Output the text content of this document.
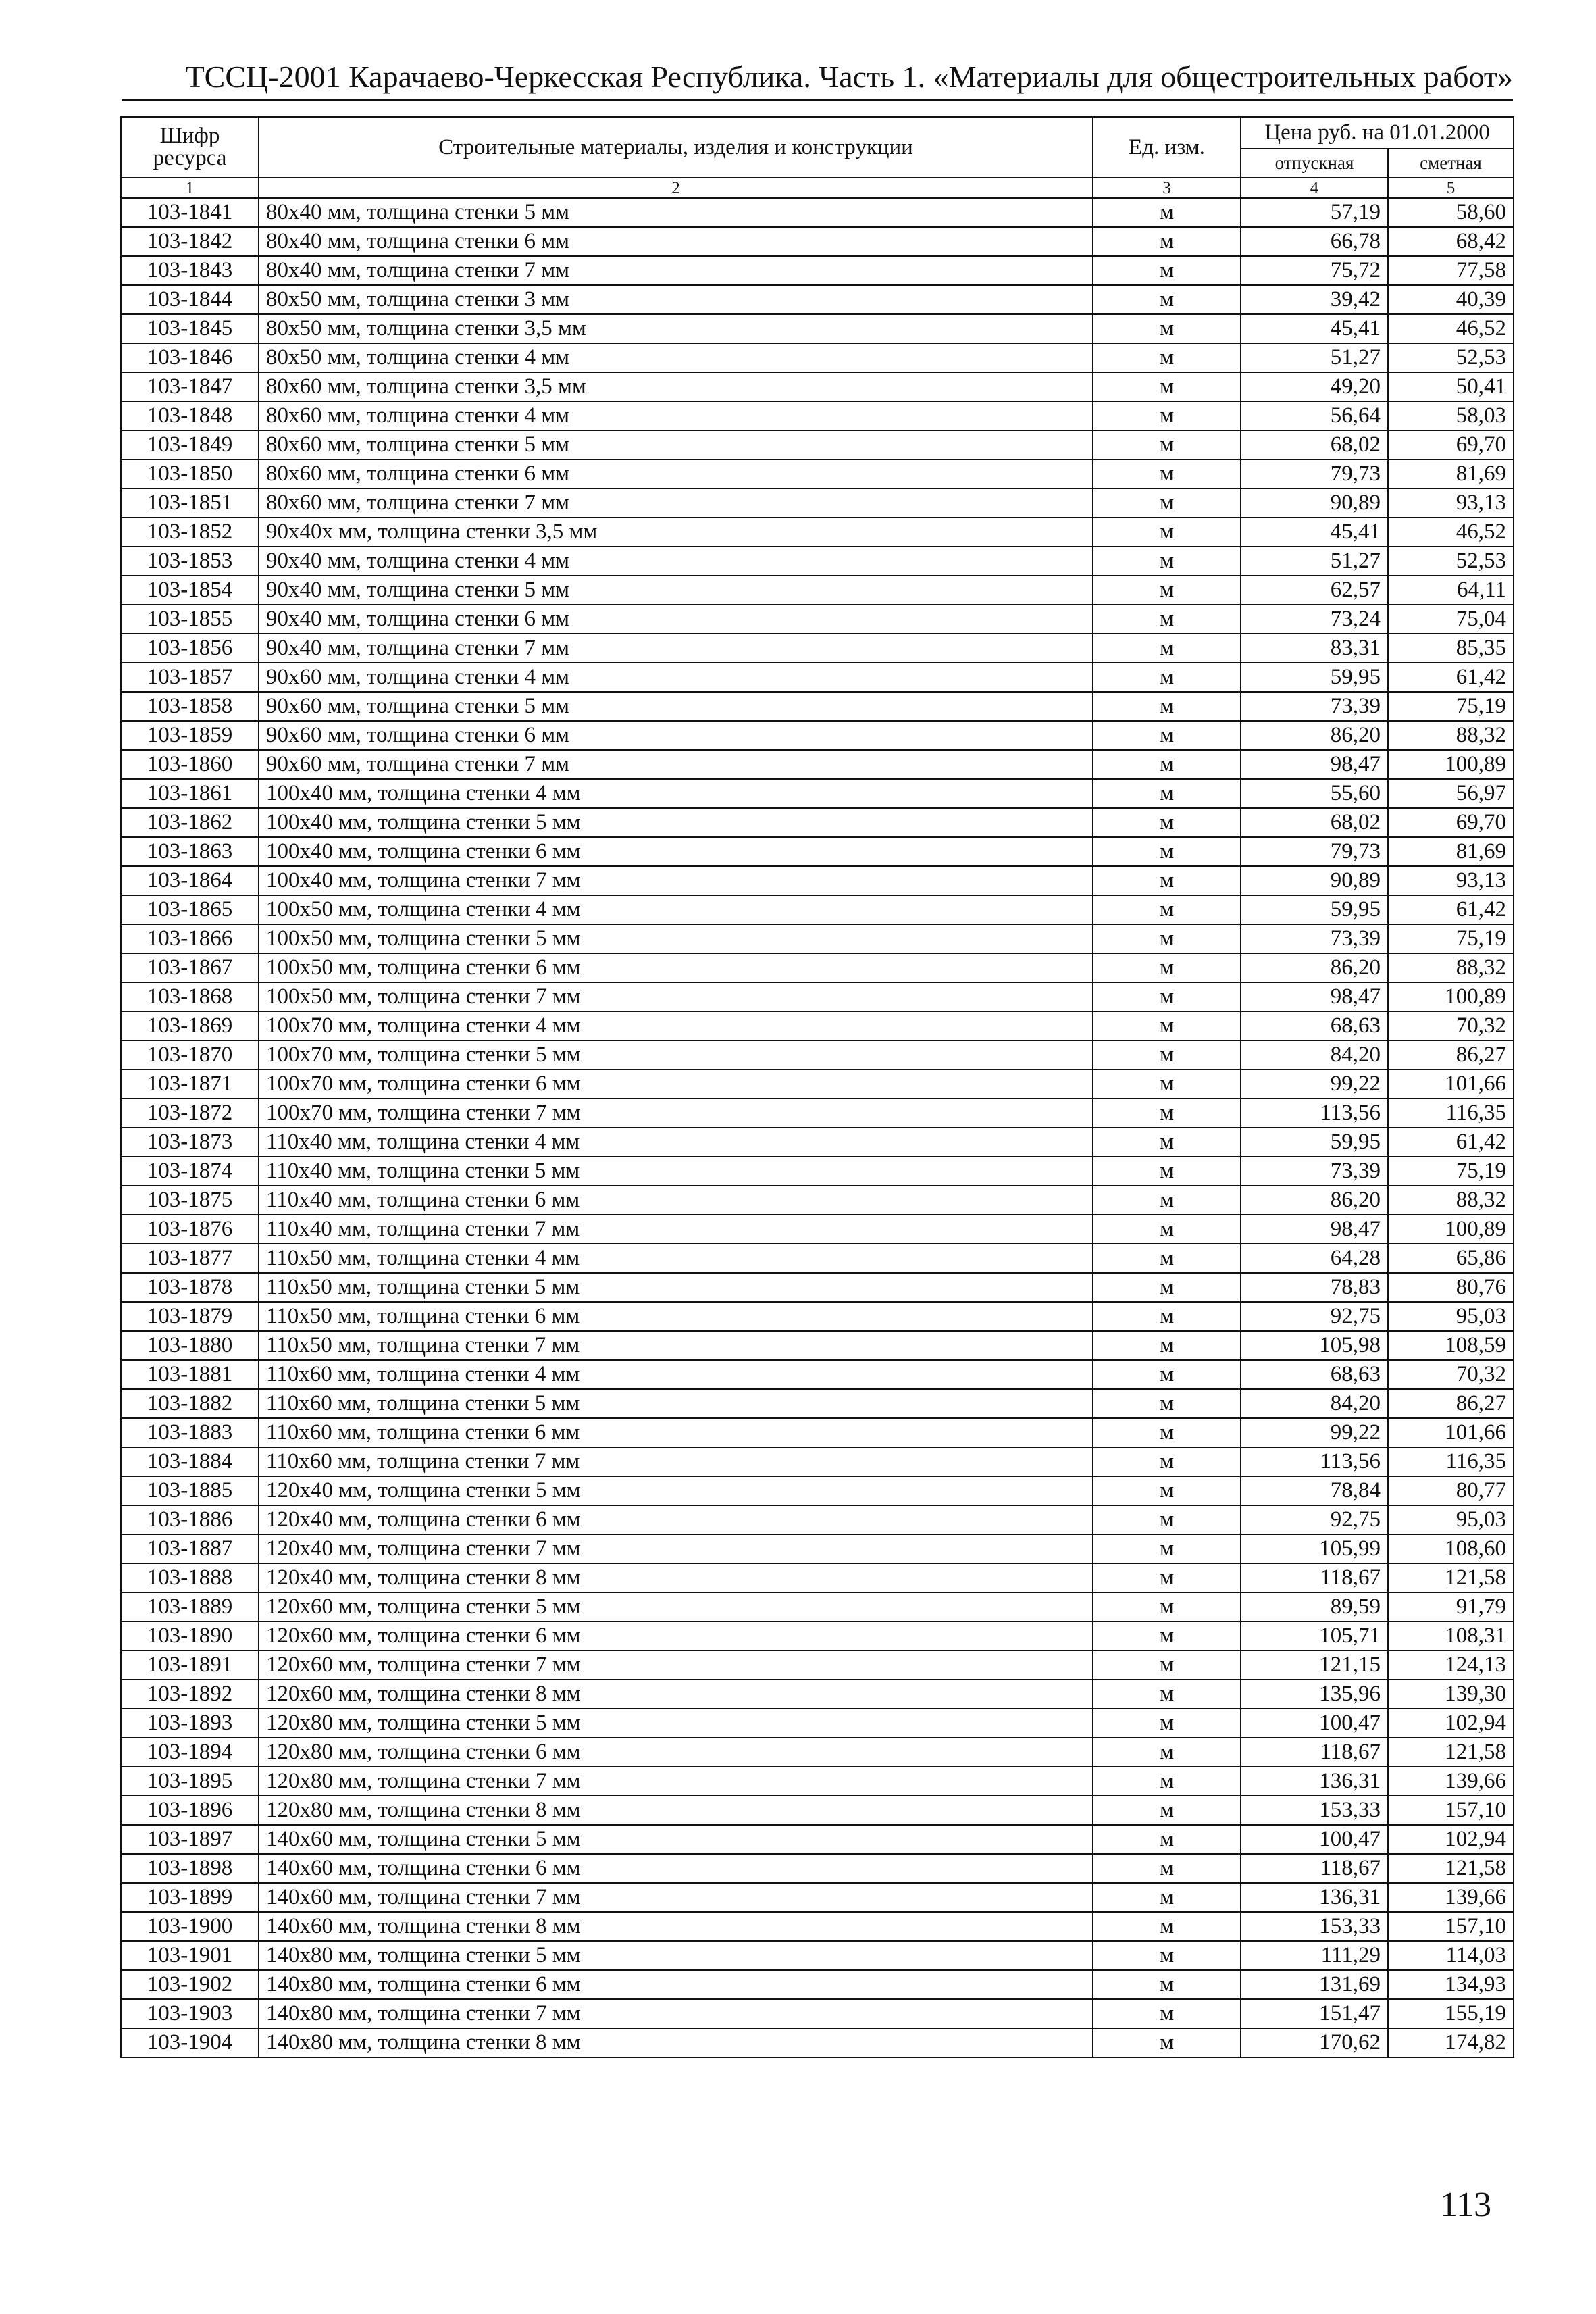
ТССЦ-2001 Карачаево-Черкесская Республика. Часть 1. «Материалы для общестроительных работ»
Шифр ресурса	Строительные материалы, изделия и конструкции	Ед. изм.	Цена руб. на 01.01.2000	
			отпускная	сметная
1	2	3	4	5
103-1841	80x40 мм, толщина стенки 5 мм	м	57,19	58,60
103-1842	80x40 мм, толщина стенки 6 мм	м	66,78	68,42
103-1843	80x40 мм, толщина стенки 7 мм	м	75,72	77,58
103-1844	80x50 мм, толщина стенки 3 мм	м	39,42	40,39
103-1845	80x50 мм, толщина стенки 3,5 мм	м	45,41	46,52
103-1846	80x50 мм, толщина стенки 4 мм	м	51,27	52,53
103-1847	80x60 мм, толщина стенки 3,5 мм	м	49,20	50,41
103-1848	80x60 мм, толщина стенки 4 мм	м	56,64	58,03
103-1849	80x60 мм, толщина стенки 5 мм	м	68,02	69,70
103-1850	80x60 мм, толщина стенки 6 мм	м	79,73	81,69
103-1851	80x60 мм, толщина стенки 7 мм	м	90,89	93,13
103-1852	90x40x мм, толщина стенки 3,5 мм	м	45,41	46,52
103-1853	90x40 мм, толщина стенки 4 мм	м	51,27	52,53
103-1854	90x40 мм, толщина стенки 5 мм	м	62,57	64,11
103-1855	90x40 мм, толщина стенки 6 мм	м	73,24	75,04
103-1856	90x40 мм, толщина стенки 7 мм	м	83,31	85,35
103-1857	90x60 мм, толщина стенки 4 мм	м	59,95	61,42
103-1858	90x60 мм, толщина стенки 5 мм	м	73,39	75,19
103-1859	90x60 мм, толщина стенки 6 мм	м	86,20	88,32
103-1860	90x60 мм, толщина стенки 7 мм	м	98,47	100,89
103-1861	100x40 мм, толщина стенки 4 мм	м	55,60	56,97
103-1862	100x40 мм, толщина стенки 5 мм	м	68,02	69,70
103-1863	100x40 мм, толщина стенки 6 мм	м	79,73	81,69
103-1864	100x40 мм, толщина стенки 7 мм	м	90,89	93,13
103-1865	100x50 мм, толщина стенки 4 мм	м	59,95	61,42
103-1866	100x50 мм, толщина стенки 5 мм	м	73,39	75,19
103-1867	100x50 мм, толщина стенки 6 мм	м	86,20	88,32
103-1868	100x50 мм, толщина стенки 7 мм	м	98,47	100,89
103-1869	100x70 мм, толщина стенки 4 мм	м	68,63	70,32
103-1870	100x70 мм, толщина стенки 5 мм	м	84,20	86,27
103-1871	100x70 мм, толщина стенки 6 мм	м	99,22	101,66
103-1872	100x70 мм, толщина стенки 7 мм	м	113,56	116,35
103-1873	110x40 мм, толщина стенки 4 мм	м	59,95	61,42
103-1874	110x40 мм, толщина стенки 5 мм	м	73,39	75,19
103-1875	110x40 мм, толщина стенки 6 мм	м	86,20	88,32
103-1876	110x40 мм, толщина стенки 7 мм	м	98,47	100,89
103-1877	110x50 мм, толщина стенки 4 мм	м	64,28	65,86
103-1878	110x50 мм, толщина стенки 5 мм	м	78,83	80,76
103-1879	110x50 мм, толщина стенки 6 мм	м	92,75	95,03
103-1880	110x50 мм, толщина стенки 7 мм	м	105,98	108,59
103-1881	110x60 мм, толщина стенки 4 мм	м	68,63	70,32
103-1882	110x60 мм, толщина стенки 5 мм	м	84,20	86,27
103-1883	110x60 мм, толщина стенки 6 мм	м	99,22	101,66
103-1884	110x60 мм, толщина стенки 7 мм	м	113,56	116,35
103-1885	120x40 мм, толщина стенки 5 мм	м	78,84	80,77
103-1886	120x40 мм, толщина стенки 6 мм	м	92,75	95,03
103-1887	120x40 мм, толщина стенки 7 мм	м	105,99	108,60
103-1888	120x40 мм, толщина стенки 8 мм	м	118,67	121,58
103-1889	120x60 мм, толщина стенки 5 мм	м	89,59	91,79
103-1890	120x60 мм, толщина стенки 6 мм	м	105,71	108,31
103-1891	120x60 мм, толщина стенки 7 мм	м	121,15	124,13
103-1892	120x60 мм, толщина стенки 8 мм	м	135,96	139,30
103-1893	120x80 мм, толщина стенки 5 мм	м	100,47	102,94
103-1894	120x80 мм, толщина стенки 6 мм	м	118,67	121,58
103-1895	120x80 мм, толщина стенки 7 мм	м	136,31	139,66
103-1896	120x80 мм, толщина стенки 8 мм	м	153,33	157,10
103-1897	140x60 мм, толщина стенки 5 мм	м	100,47	102,94
103-1898	140x60 мм, толщина стенки 6 мм	м	118,67	121,58
103-1899	140x60 мм, толщина стенки 7 мм	м	136,31	139,66
103-1900	140x60 мм, толщина стенки 8 мм	м	153,33	157,10
103-1901	140x80 мм, толщина стенки 5 мм	м	111,29	114,03
103-1902	140x80 мм, толщина стенки 6 мм	м	131,69	134,93
103-1903	140x80 мм, толщина стенки 7 мм	м	151,47	155,19
103-1904	140x80 мм, толщина стенки 8 мм	м	170,62	174,82
113
